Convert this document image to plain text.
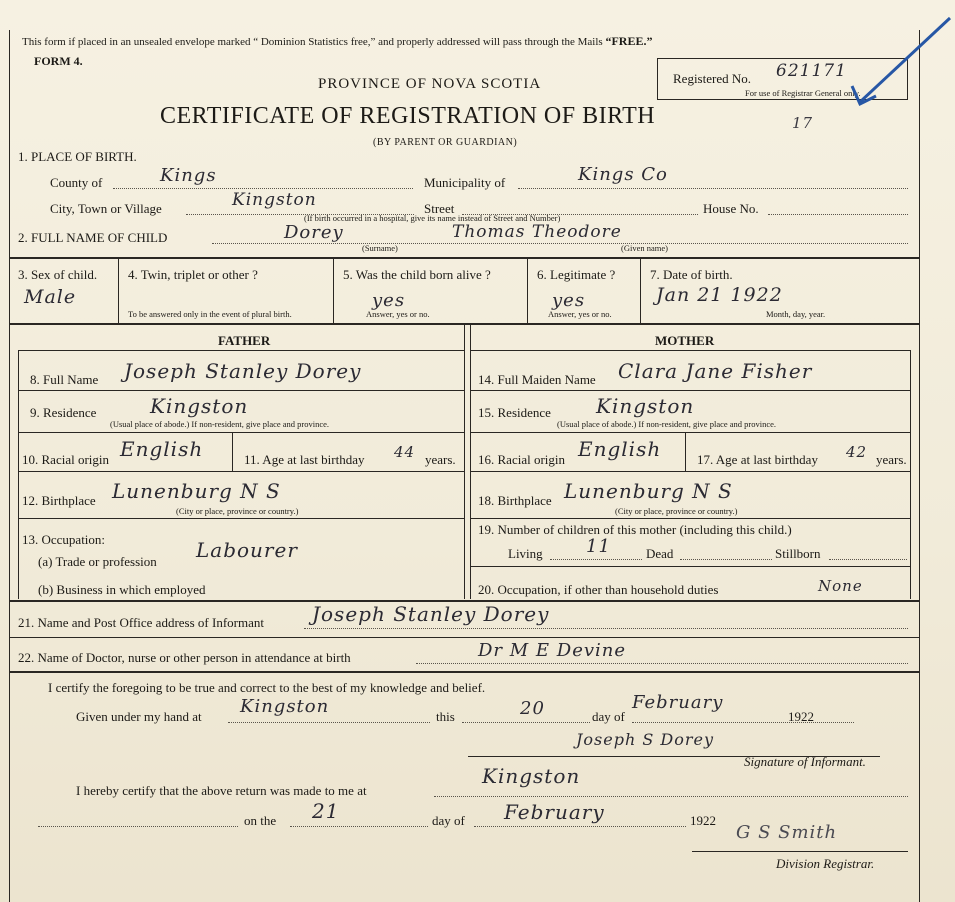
This form if placed in an unsealed envelope marked “ Dominion Statistics free,” and properly addressed will pass through the Mails “FREE.”
FORM 4.
PROVINCE OF NOVA SCOTIA
CERTIFICATE OF REGISTRATION OF BIRTH
(BY PARENT OR GUARDIAN)
Registered No. 621171
For use of Registrar General only.
17
1. PLACE OF BIRTH.
County of	Kings	Municipality of	Kings Co
City, Town or Village	Kingston	Street	House No.
(If birth occurred in a hospital, give its name instead of Street and Number)
2. FULL NAME OF CHILD	Dorey	Thomas Theodore
(Surname)	(Given name)
3. Sex of child.
Male
4. Twin, triplet or other ?
To be answered only in the event of plural birth.
5. Was the child born alive ?
yes
Answer, yes or no.
6. Legitimate ?
yes
Answer, yes or no.
7. Date of birth.
Jan 21 1922
Month, day, year.
FATHER
8. Full Name Joseph Stanley Dorey
9. Residence	Kingston
(Usual place of abode.) If non-resident, give place and province.
10. Racial origin English	11. Age at last birthday 44 years.
12. Birthplace Lunenburg N S
(City or place, province or country.)
13. Occupation:
(a) Trade or profession Labourer
(b) Business in which employed
MOTHER
14. Full Maiden Name Clara Jane Fisher
15. Residence Kingston
(Usual place of abode.) If non-resident, give place and province.
16. Racial origin English	17. Age at last birthday 42 years.
18. Birthplace Lunenburg N S
(City or place, province or country.)
19. Number of children of this mother (including this child.)
Living 11	Dead	Stillborn
20. Occupation, if other than household duties	None
21. Name and Post Office address of Informant Joseph Stanley Dorey
22. Name of Doctor, nurse or other person in attendance at birth	Dr M E Devine
I certify the foregoing to be true and correct to the best of my knowledge and belief.
Given under my hand at Kingston	this	20	day of
February
1922
Joseph S Dorey
Signature of Informant.
I hereby certify that the above return was made to me at
Kingston
on the 21	day of February	1922
G S Smith
Division Registrar.
